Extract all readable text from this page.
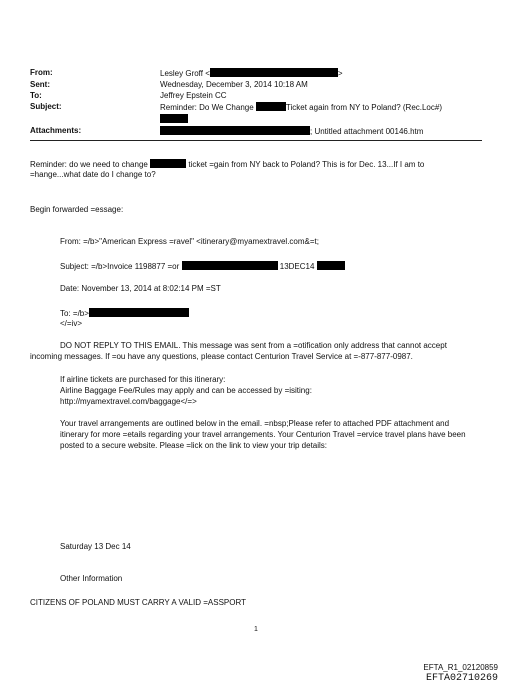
From:	Lesley Groff <	>
Sent:	Wednesday, December 3, 2014 10:18 AM
To:	Jeffrey Epstein CC
Subject:	Reminder: Do We Change	Ticket again from NY to Poland? (Rec.Loc#)
Attachments:	; Untitled attachment 00146.htm
Reminder: do we need to change	ticket =gain from NY back to Poland? This is for Dec. 13...If I am to
=hange...what date do I change to?
Begin forwarded =essage:
From: =/b>"American Express =ravel" <itinerary@myamextravel.com&=t;
Subject: =/b>Invoice 1198877 =or	13DEC14
Date: November 13, 2014 at 8:02:14 PM =ST
To: =/b>
</=iv>
DO NOT REPLY TO THIS EMAIL. This message was sent from a =otification only address that cannot accept
incoming messages. If =ou have any questions, please contact Centurion Travel Service at =-877-877-0987.
If airline tickets are purchased for this itinerary:
Airline Baggage Fee/Rules may apply and can be accessed by =isiting:
http://myamextravel.com/baggage</=>
Your travel arrangements are outlined below in the email. =nbsp;Please refer to attached PDF attachment and
itinerary for more =etails regarding your travel arrangements. Your Centurion Travel =ervice travel plans have been
posted to a secure website. Please =lick on the link to view your trip details:
Saturday 13 Dec 14
Other Information
CITIZENS OF POLAND MUST CARRY A VALID =ASSPORT
1
EFTA_R1_02120859
EFTA02710269
